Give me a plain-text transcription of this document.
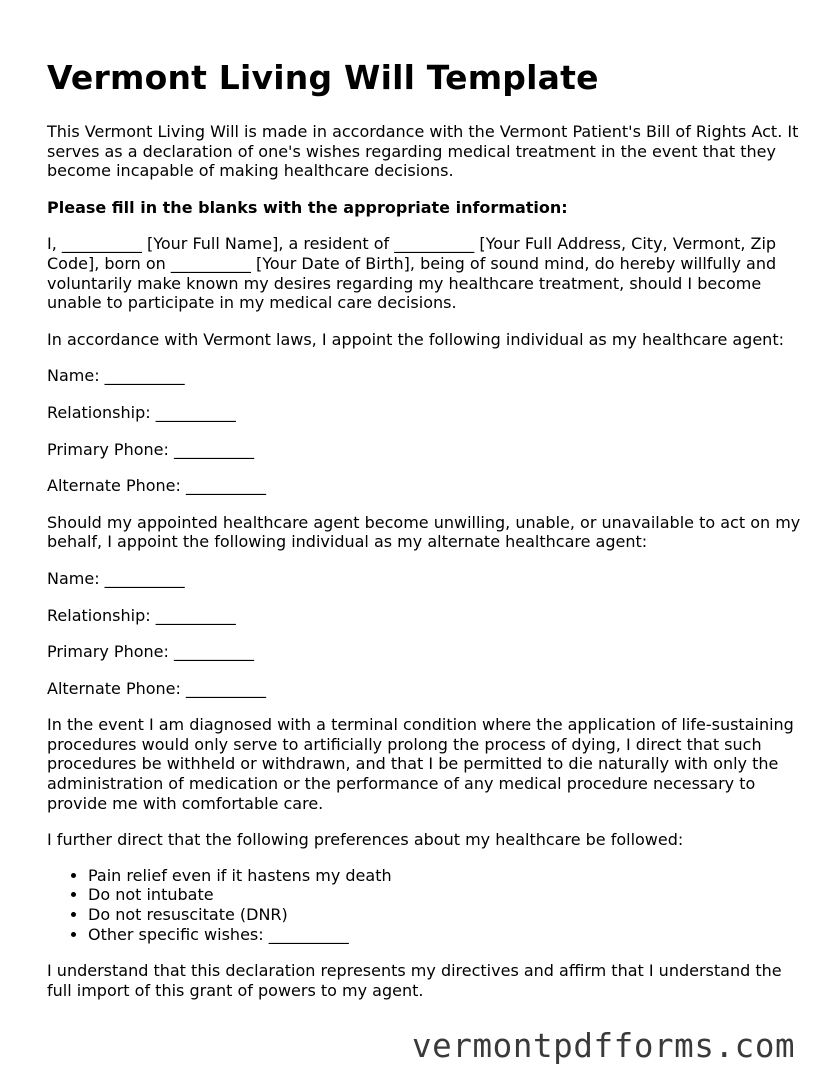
Vermont Living Will Template

This Vermont Living Will is made in accordance with the Vermont Patient's Bill of Rights Act. It serves as a declaration of one's wishes regarding medical treatment in the event that they become incapable of making healthcare decisions.

Please fill in the blanks with the appropriate information:

I, __________ [Your Full Name], a resident of __________ [Your Full Address, City, Vermont, Zip Code], born on __________ [Your Date of Birth], being of sound mind, do hereby willfully and voluntarily make known my desires regarding my healthcare treatment, should I become unable to participate in my medical care decisions.

In accordance with Vermont laws, I appoint the following individual as my healthcare agent:

Name: __________

Relationship: __________

Primary Phone: __________

Alternate Phone: __________

Should my appointed healthcare agent become unwilling, unable, or unavailable to act on my behalf, I appoint the following individual as my alternate healthcare agent:

Name: __________

Relationship: __________

Primary Phone: __________

Alternate Phone: __________

In the event I am diagnosed with a terminal condition where the application of life-sustaining procedures would only serve to artificially prolong the process of dying, I direct that such procedures be withheld or withdrawn, and that I be permitted to die naturally with only the administration of medication or the performance of any medical procedure necessary to provide me with comfortable care.

I further direct that the following preferences about my healthcare be followed:

• Pain relief even if it hastens my death
• Do not intubate
• Do not resuscitate (DNR)
• Other specific wishes: __________

I understand that this declaration represents my directives and affirm that I understand the full import of this grant of powers to my agent.

vermontpdfforms.com
